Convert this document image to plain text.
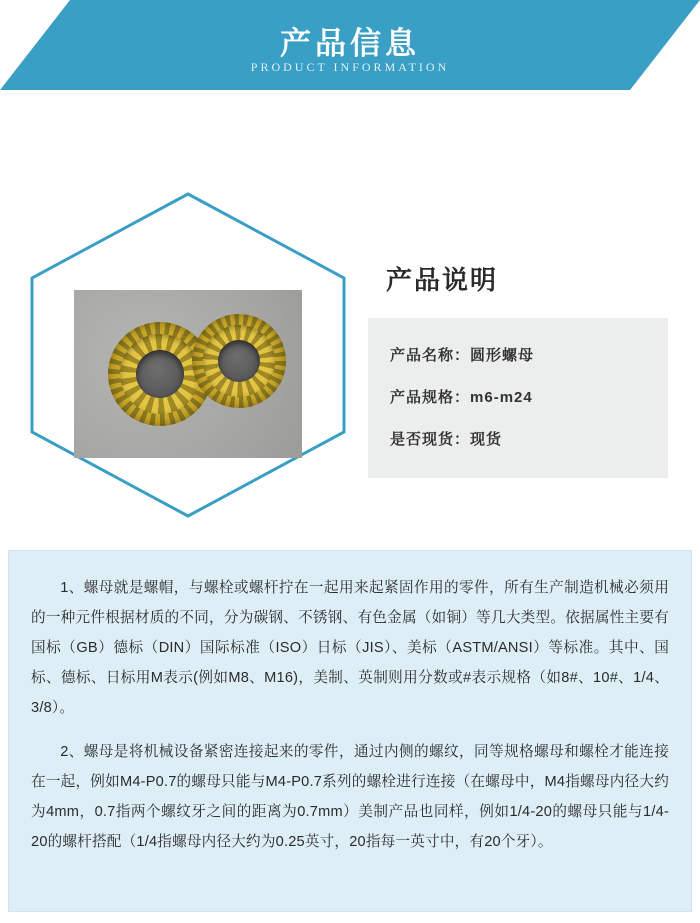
产品信息
PRODUCT INFORMATION
产品说明
产品名称：圆形螺母
产品规格：m6-m24
是否现货：现货

1、螺母就是螺帽，与螺栓或螺杆拧在一起用来起紧固作用的零件，所有生产制造机械必须用的一种元件根据材质的不同，分为碳钢、不锈钢、有色金属（如铜）等几大类型。依据属性主要有国标（GB）德标（DIN）国际标准（ISO）日标（JIS）、美标（ASTM/ANSI）等标准。其中、国标、德标、日标用M表示(例如M8、M16)，美制、英制则用分数或#表示规格（如8#、10#、1/4、3/8）。

2、螺母是将机械设备紧密连接起来的零件，通过内侧的螺纹，同等规格螺母和螺栓才能连接在一起，例如M4-P0.7的螺母只能与M4-P0.7系列的螺栓进行连接（在螺母中，M4指螺母内径大约为4mm，0.7指两个螺纹牙之间的距离为0.7mm）美制产品也同样，例如1/4-20的螺母只能与1/4-20的螺杆搭配（1/4指螺母内径大约为0.25英寸，20指每一英寸中，有20个牙）。
